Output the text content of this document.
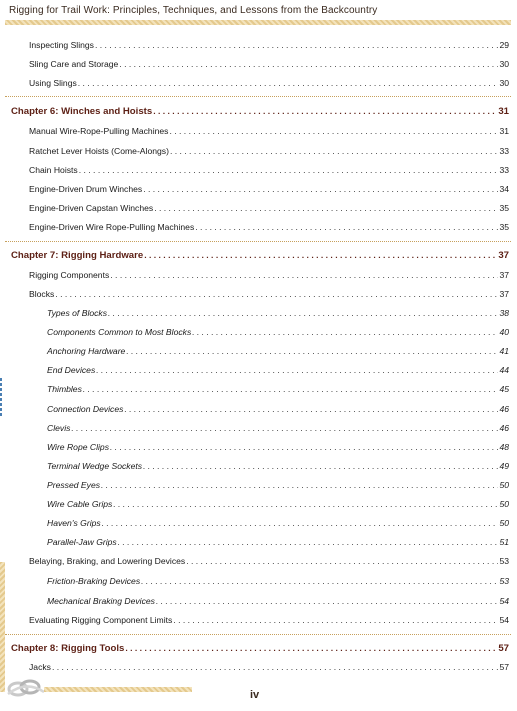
Rigging for Trail Work: Principles, Techniques, and Lessons from the Backcountry
Inspecting Slings . . .	29
Sling Care and Storage . . .	30
Using Slings . . .	30
Chapter 6: Winches and Hoists . . .	31
Manual Wire-Rope-Pulling Machines . . .	31
Ratchet Lever Hoists (Come-Alongs) . . .	33
Chain Hoists . . .	33
Engine-Driven Drum Winches . . .	34
Engine-Driven Capstan Winches . . .	35
Engine-Driven Wire Rope-Pulling Machines . . .	35
Chapter 7: Rigging Hardware . . .	37
Rigging Components . . .	37
Blocks . . .	37
Types of Blocks . . .	38
Components Common to Most Blocks . . .	40
Anchoring Hardware . . .	41
End Devices . . .	44
Thimbles . . .	45
Connection Devices . . .	46
Clevis . . .	46
Wire Rope Clips . . .	48
Terminal Wedge Sockets . . .	49
Pressed Eyes . . .	50
Wire Cable Grips . . .	50
Haven's Grips . . .	50
Parallel-Jaw Grips . . .	51
Belaying, Braking, and Lowering Devices . . .	53
Friction-Braking Devices . . .	53
Mechanical Braking Devices . . .	54
Evaluating Rigging Component Limits . . .	54
Chapter 8: Rigging Tools . . .	57
Jacks . . .	57
iv
